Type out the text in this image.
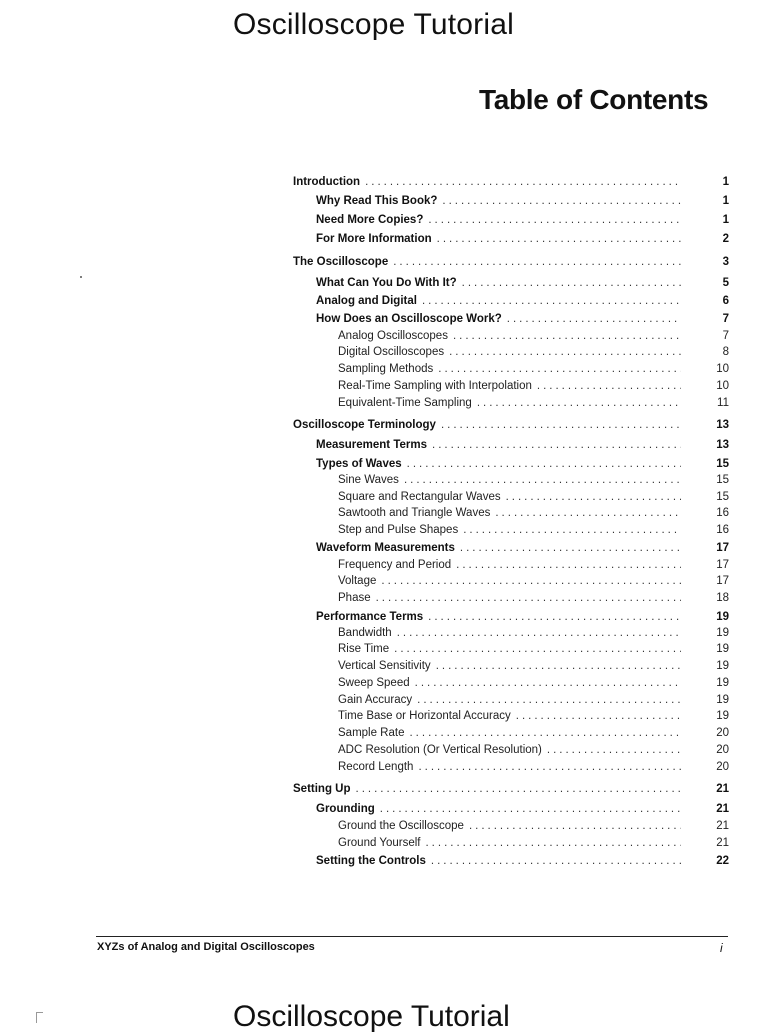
Oscilloscope Tutorial
Table of Contents
Introduction .....	1
Why Read This Book? .....	1
Need More Copies? .....	1
For More Information .....	2
The Oscilloscope .....	3
What Can You Do With It? .....	5
Analog and Digital .....	6
How Does an Oscilloscope Work? .....	7
Analog Oscilloscopes .....	7
Digital Oscilloscopes .....	8
Sampling Methods .....	10
Real-Time Sampling with Interpolation .....	10
Equivalent-Time Sampling .....	11
Oscilloscope Terminology .....	13
Measurement Terms .....	13
Types of Waves .....	15
Sine Waves .....	15
Square and Rectangular Waves .....	15
Sawtooth and Triangle Waves .....	16
Step and Pulse Shapes .....	16
Waveform Measurements .....	17
Frequency and Period .....	17
Voltage .....	17
Phase .....	18
Performance Terms .....	19
Bandwidth .....	19
Rise Time .....	19
Vertical Sensitivity .....	19
Sweep Speed .....	19
Gain Accuracy .....	19
Time Base or Horizontal Accuracy .....	19
Sample Rate .....	20
ADC Resolution (Or Vertical Resolution) .....	20
Record Length .....	20
Setting Up .....	21
Grounding .....	21
Ground the Oscilloscope .....	21
Ground Yourself .....	21
Setting the Controls .....	22
XYZs of Analog and Digital Oscilloscopes	i
Oscilloscope Tutorial
